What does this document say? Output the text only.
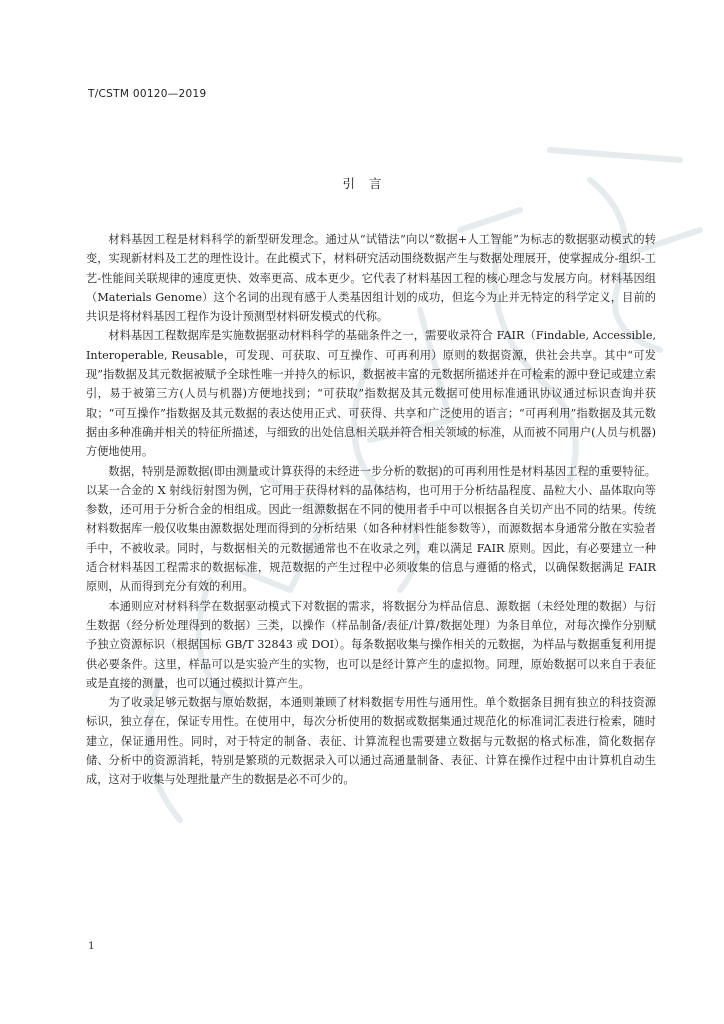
T/CSTM 00120—2019
引言

材料基因工程是材料科学的新型研发理念。通过从“试错法”向以“数据+人工智能”为标志的数据驱动模式的转变，实现新材料及工艺的理性设计。在此模式下，材料研究活动围绕数据产生与数据处理展开，使掌握成分-组织-工艺-性能间关联规律的速度更快、效率更高、成本更少。它代表了材料基因工程的核心理念与发展方向。材料基因组（Materials Genome）这个名词的出现有感于人类基因组计划的成功，但迄今为止并无特定的科学定义，目前的共识是将材料基因工程作为设计预测型材料研发模式的代称。

材料基因工程数据库是实施数据驱动材料科学的基础条件之一，需要收录符合 FAIR（Findable, Accessible, Interoperable, Reusable，可发现、可获取、可互操作、可再利用）原则的数据资源，供社会共享。其中“可发现”指数据及其元数据被赋予全球性唯一并持久的标识，数据被丰富的元数据所描述并在可检索的源中登记或建立索引，易于被第三方(人员与机器)方便地找到；“可获取”指数据及其元数据可使用标准通讯协议通过标识查询并获取；“可互操作”指数据及其元数据的表达使用正式、可获得、共享和广泛使用的语言；“可再利用”指数据及其元数据由多种准确并相关的特征所描述，与细致的出处信息相关联并符合相关领域的标准，从而被不同用户(人员与机器)方便地使用。

数据，特别是源数据(即由测量或计算获得的未经进一步分析的数据)的可再利用性是材料基因工程的重要特征。以某一合金的 X 射线衍射图为例，它可用于获得材料的晶体结构，也可用于分析结晶程度、晶粒大小、晶体取向等参数，还可用于分析合金的相组成。因此一组源数据在不同的使用者手中可以根据各自关切产出不同的结果。传统材料数据库一般仅收集由源数据处理而得到的分析结果（如各种材料性能参数等），而源数据本身通常分散在实验者手中，不被收录。同时，与数据相关的元数据通常也不在收录之列，难以满足 FAIR 原则。因此，有必要建立一种适合材料基因工程需求的数据标准，规范数据的产生过程中必须收集的信息与遵循的格式，以确保数据满足 FAIR 原则，从而得到充分有效的利用。

本通则应对材料科学在数据驱动模式下对数据的需求，将数据分为样品信息、源数据（未经处理的数据）与衍生数据（经分析处理得到的数据）三类，以操作（样品制备/表征/计算/数据处理）为条目单位，对每次操作分别赋予独立资源标识（根据国标 GB/T 32843 或 DOI）。每条数据收集与操作相关的元数据，为样品与数据重复利用提供必要条件。这里，样品可以是实验产生的实物，也可以是经计算产生的虚拟物。同理，原始数据可以来自于表征或是直接的测量，也可以通过模拟计算产生。

为了收录足够元数据与原始数据，本通则兼顾了材料数据专用性与通用性。单个数据条目拥有独立的科技资源标识，独立存在，保证专用性。在使用中，每次分析使用的数据或数据集通过规范化的标准词汇表进行检索，随时建立，保证通用性。同时，对于特定的制备、表征、计算流程也需要建立数据与元数据的格式标准，简化数据存储、分析中的资源消耗，特别是繁琐的元数据录入可以通过高通量制备、表征、计算在操作过程中由计算机自动生成，这对于收集与处理批量产生的数据是必不可少的。

1
